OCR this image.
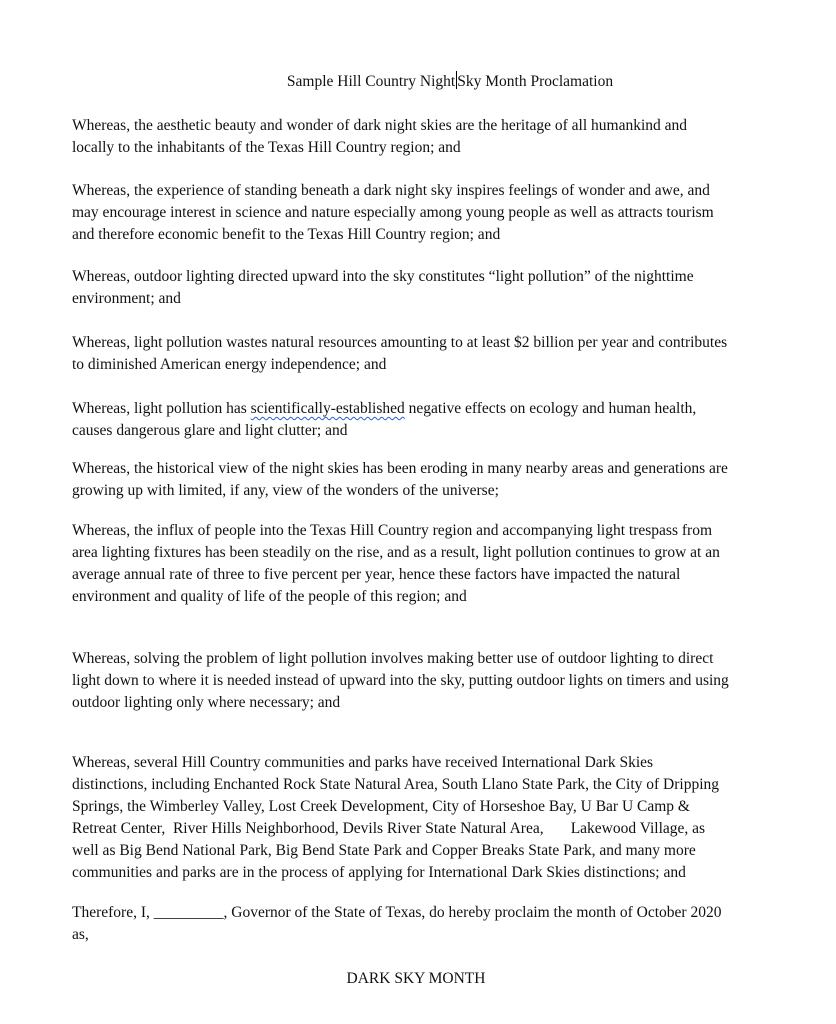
Sample Hill Country Night Sky Month Proclamation

Whereas, the aesthetic beauty and wonder of dark night skies are the heritage of all humankind and
locally to the inhabitants of the Texas Hill Country region; and

Whereas, the experience of standing beneath a dark night sky inspires feelings of wonder and awe, and
may encourage interest in science and nature especially among young people as well as attracts tourism
and therefore economic benefit to the Texas Hill Country region; and

Whereas, outdoor lighting directed upward into the sky constitutes “light pollution” of the nighttime
environment; and

Whereas, light pollution wastes natural resources amounting to at least $2 billion per year and contributes
to diminished American energy independence; and

Whereas, light pollution has scientifically-established negative effects on ecology and human health,
causes dangerous glare and light clutter; and

Whereas, the historical view of the night skies has been eroding in many nearby areas and generations are
growing up with limited, if any, view of the wonders of the universe;

Whereas, the influx of people into the Texas Hill Country region and accompanying light trespass from
area lighting fixtures has been steadily on the rise, and as a result, light pollution continues to grow at an
average annual rate of three to five percent per year, hence these factors have impacted the natural
environment and quality of life of the people of this region; and

Whereas, solving the problem of light pollution involves making better use of outdoor lighting to direct
light down to where it is needed instead of upward into the sky, putting outdoor lights on timers and using
outdoor lighting only where necessary; and

Whereas, several Hill Country communities and parks have received International Dark Skies
distinctions, including Enchanted Rock State Natural Area, South Llano State Park, the City of Dripping
Springs, the Wimberley Valley, Lost Creek Development, City of Horseshoe Bay, U Bar U Camp &
Retreat Center,  River Hills Neighborhood, Devils River State Natural Area,       Lakewood Village, as
well as Big Bend National Park, Big Bend State Park and Copper Breaks State Park, and many more
communities and parks are in the process of applying for International Dark Skies distinctions; and

Therefore, I, _________, Governor of the State of Texas, do hereby proclaim the month of October 2020
as,

DARK SKY MONTH
